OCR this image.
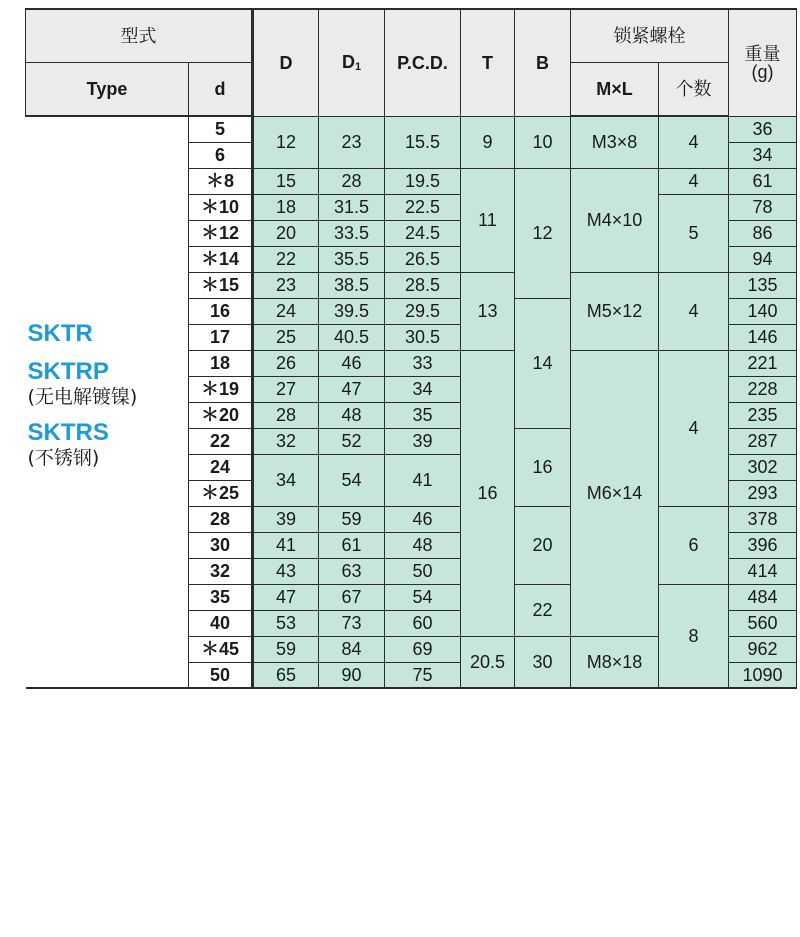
型式		D	D1	P.C.D.	T	B	锁紧螺栓		重量
(g)
Type	d						M×L	个数	

SKTR
SKTRP
(无电解镀镍)
SKTRS
(不锈钢)	5	12	23	15.5	9	10	M3×8	4	36
	6								34
	＊8	15	28	19.5	11	12	M4×10	4	61
	＊10	18	31.5	22.5				5	78
	＊12	20	33.5	24.5					86
	＊14	22	35.5	26.5					94
	＊15	23	38.5	28.5	13		M5×12	4	135
	16	24	39.5	29.5		14			140
	17	25	40.5	30.5					146
	18	26	46	33	16		M6×14	4	221
	＊19	27	47	34					228
	＊20	28	48	35					235
	22	32	52	39		16			287
	24	34	54	41					302
	＊25								293
	28	39	59	46		20		6	378
	30	41	61	48					396
	32	43	63	50					414
	35	47	67	54		22		8	484
	40	53	73	60					560
	＊45	59	84	69	20.5	30	M8×18		962
	50	65	90	75					1090
